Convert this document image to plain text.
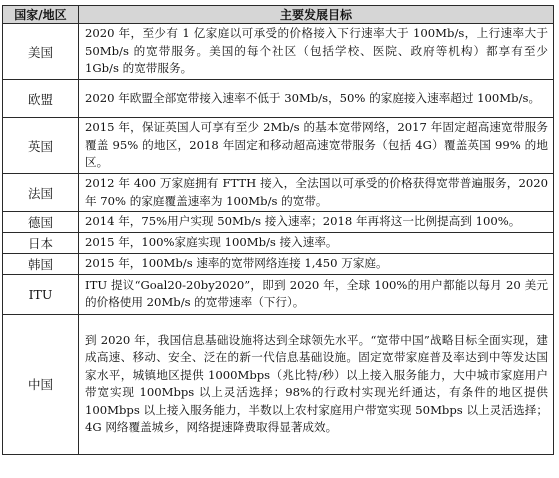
国家/地区	主要发展目标
美国	2020 年，至少有 1 亿家庭以可承受的价格接入下行速率大于 100Mb/s，上行速率大于 50Mb/s 的宽带服务。美国的每个社区（包括学校、医院、政府等机构）都享有至少 1Gb/s 的宽带服务。
欧盟	2020 年欧盟全部宽带接入速率不低于 30Mb/s，50% 的家庭接入速率超过 100Mb/s。
英国	2015 年，保证英国人可享有至少 2Mb/s 的基本宽带网络，2017 年固定超高速宽带服务覆盖 95% 的地区，2018 年固定和移动超高速宽带服务（包括 4G）覆盖英国 99% 的地区。
法国	2012 年 400 万家庭拥有 FTTH 接入，全法国以可承受的价格获得宽带普遍服务，2020 年 70% 的家庭覆盖速率为 100Mb/s 的宽带。
德国	2014 年，75%用户实现 50Mb/s 接入速率；2018 年再将这一比例提高到 100%。
日本	2015 年，100%家庭实现 100Mb/s 接入速率。
韩国	2015 年，100Mb/s 速率的宽带网络连接 1,450 万家庭。
ITU	ITU 提议“Goal20-20by2020”，即到 2020 年，全球 100%的用户都能以每月 20 美元的价格使用 20Mb/s 的宽带速率（下行）。
中国	到 2020 年，我国信息基础设施将达到全球领先水平。“宽带中国”战略目标全面实现，建成高速、移动、安全、泛在的新一代信息基础设施。固定宽带家庭普及率达到中等发达国家水平，城镇地区提供 1000Mbps（兆比特/秒）以上接入服务能力，大中城市家庭用户带宽实现 100Mbps 以上灵活选择；98%的行政村实现光纤通达，有条件的地区提供 100Mbps 以上接入服务能力，半数以上农村家庭用户带宽实现 50Mbps 以上灵活选择；4G 网络覆盖城乡，网络提速降费取得显著成效。
